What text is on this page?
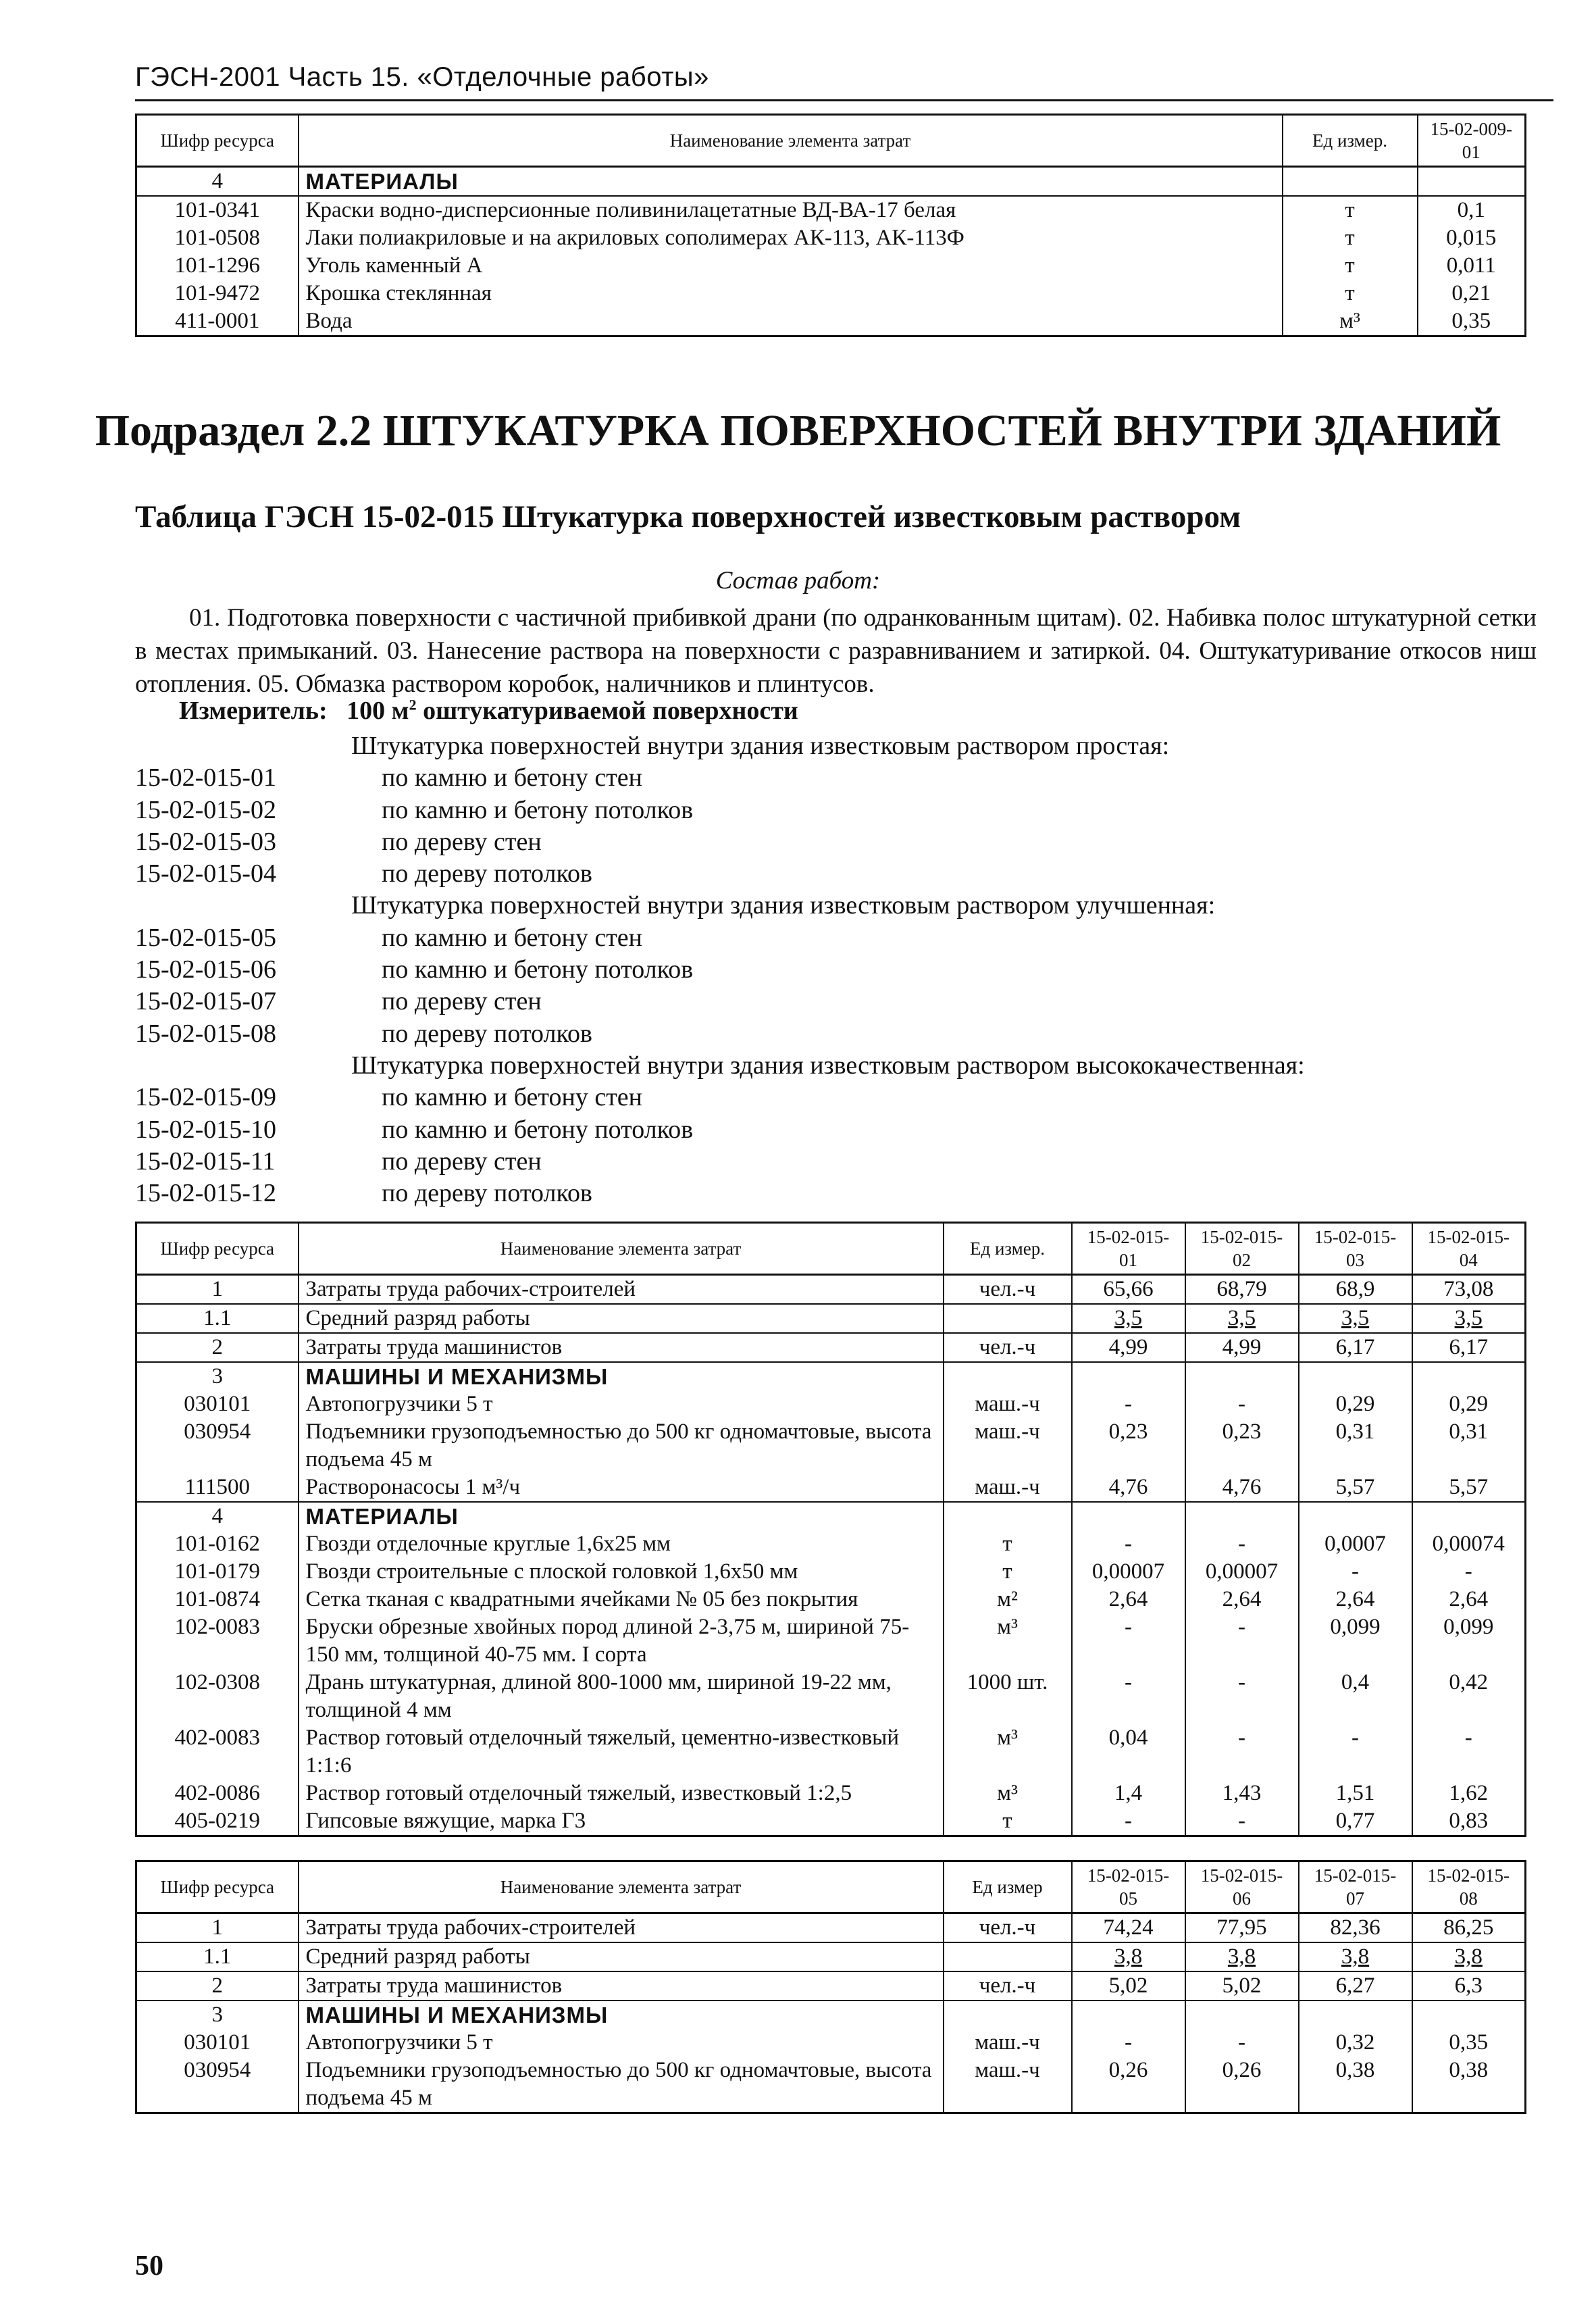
ГЭСН-2001 Часть 15. «Отделочные работы»
Шифр ресурса	Наименование элемента затрат	Ед измер.	15-02-009-01
4	МАТЕРИАЛЫ		
101-0341	Краски водно-дисперсионные поливинилацетатные ВД-ВА-17 белая	т	0,1
101-0508	Лаки полиакриловые и на акриловых сополимерах АК-113, АК-113Ф	т	0,015
101-1296	Уголь каменный А	т	0,011
101-9472	Крошка стеклянная	т	0,21
411-0001	Вода	м³	0,35
Подраздел 2.2 ШТУКАТУРКА ПОВЕРХНОСТЕЙ ВНУТРИ ЗДАНИЙ
Таблица ГЭСН 15-02-015 Штукатурка поверхностей известковым раствором
Состав работ:
01. Подготовка поверхности с частичной прибивкой драни (по одранкованным щитам). 02. Набивка полос штукатурной сетки в местах примыканий. 03. Нанесение раствора на поверхности с разравниванием и затиркой. 04. Оштукатуривание откосов ниш отопления. 05. Обмазка раствором коробок, наличников и плинтусов.
Измеритель: 100 $м^2$ оштукатуриваемой поверхности
Штукатурка поверхностей внутри здания известковым раствором простая:
15-02-015-01	по камню и бетону стен
15-02-015-02	по камню и бетону потолков
15-02-015-03	по дереву стен
15-02-015-04	по дереву потолков
Штукатурка поверхностей внутри здания известковым раствором улучшенная:
15-02-015-05	по камню и бетону стен
15-02-015-06	по камню и бетону потолков
15-02-015-07	по дереву стен
15-02-015-08	по дереву потолков
Штукатурка поверхностей внутри здания известковым раствором высококачественная:
15-02-015-09	по камню и бетону стен
15-02-015-10	по камню и бетону потолков
15-02-015-11	по дереву стен
15-02-015-12	по дереву потолков
Шифр ресурса	Наименование элемента затрат	Ед измер.	15-02-015-01	15-02-015-02	15-02-015-03	15-02-015-04
1	Затраты труда рабочих-строителей	чел.-ч	65,66	68,79	68,9	73,08
1.1	Средний разряд работы		3,5	3,5	3,5	3,5
2	Затраты труда машинистов	чел.-ч	4,99	4,99	6,17	6,17
3	МАШИНЫ И МЕХАНИЗМЫ					
030101	Автопогрузчики 5 т	маш.-ч	-	-	0,29	0,29
030954	Подъемники грузоподъемностью до 500 кг одномачтовые, высота подъема 45 м	маш.-ч	0,23	0,23	0,31	0,31
111500	Растворонасосы 1 м³/ч	маш.-ч	4,76	4,76	5,57	5,57
4	МАТЕРИАЛЫ					
101-0162	Гвозди отделочные круглые 1,6х25 мм	т	-	-	0,0007	0,00074
101-0179	Гвозди строительные с плоской головкой 1,6х50 мм	т	0,00007	0,00007	-	-
101-0874	Сетка тканая с квадратными ячейками № 05 без покрытия	м²	2,64	2,64	2,64	2,64
102-0083	Бруски обрезные хвойных пород длиной 2-3,75 м, шириной 75-150 мм, толщиной 40-75 мм. I сорта	м³	-	-	0,099	0,099
102-0308	Дрань штукатурная, длиной 800-1000 мм, шириной 19-22 мм, толщиной 4 мм	1000 шт.	-	-	0,4	0,42
402-0083	Раствор готовый отделочный тяжелый, цементно-известковый 1:1:6	м³	0,04	-	-	-
402-0086	Раствор готовый отделочный тяжелый, известковый 1:2,5	м³	1,4	1,43	1,51	1,62
405-0219	Гипсовые вяжущие, марка Г3	т	-	-	0,77	0,83
Шифр ресурса	Наименование элемента затрат	Ед измер	15-02-015-05	15-02-015-06	15-02-015-07	15-02-015-08
1	Затраты труда рабочих-строителей	чел.-ч	74,24	77,95	82,36	86,25
1.1	Средний разряд работы		3,8	3,8	3,8	3,8
2	Затраты труда машинистов	чел.-ч	5,02	5,02	6,27	6,3
3	МАШИНЫ И МЕХАНИЗМЫ					
030101	Автопогрузчики 5 т	маш.-ч	-	-	0,32	0,35
030954	Подъемники грузоподъемностью до 500 кг одномачтовые, высота подъема 45 м	маш.-ч	0,26	0,26	0,38	0,38
50
